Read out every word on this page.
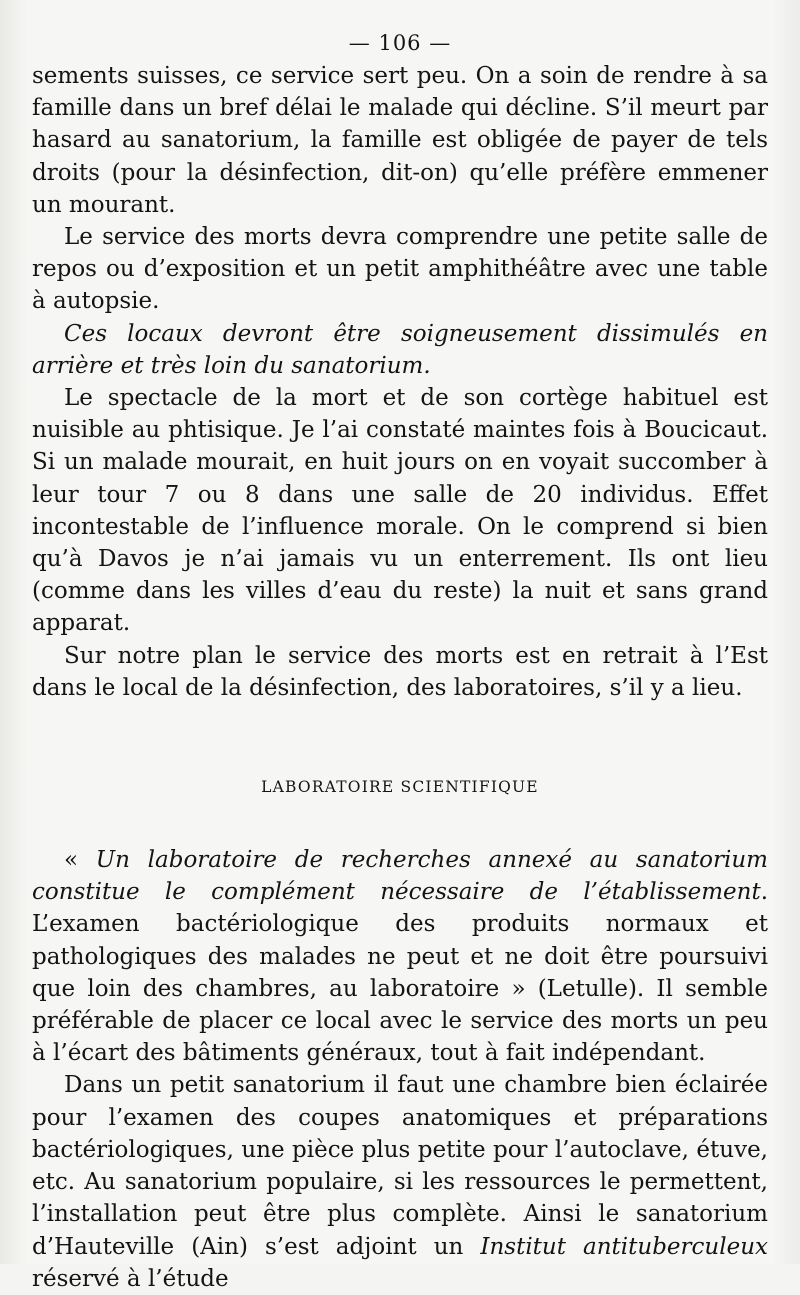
— 106 —

sements suisses, ce service sert peu. On a soin de rendre à sa famille dans un bref délai le malade qui décline. S’il meurt par hasard au sanatorium, la famille est obligée de payer de tels droits (pour la désinfection, dit-on) qu’elle préfère emmener un mourant.

Le service des morts devra comprendre une petite salle de repos ou d’exposition et un petit amphithéâtre avec une table à autopsie.

Ces locaux devront être soigneusement dissimulés en arrière et très loin du sanatorium.

Le spectacle de la mort et de son cortège habituel est nuisible au phtisique. Je l’ai constaté maintes fois à Boucicaut. Si un malade mourait, en huit jours on en voyait succomber à leur tour 7 ou 8 dans une salle de 20 individus. Effet incontestable de l’influence morale. On le comprend si bien qu’à Davos je n’ai jamais vu un enterrement. Ils ont lieu (comme dans les villes d’eau du reste) la nuit et sans grand apparat.

Sur notre plan le service des morts est en retrait à l’Est dans le local de la désinfection, des laboratoires, s’il y a lieu.

LABORATOIRE SCIENTIFIQUE

« Un laboratoire de recherches annexé au sanatorium constitue le complément nécessaire de l’établissement. L’examen bactériologique des produits normaux et pathologiques des malades ne peut et ne doit être poursuivi que loin des chambres, au laboratoire » (Letulle). Il semble préférable de placer ce local avec le service des morts un peu à l’écart des bâtiments généraux, tout à fait indépendant.

Dans un petit sanatorium il faut une chambre bien éclairée pour l’examen des coupes anatomiques et préparations bactériologiques, une pièce plus petite pour l’autoclave, étuve, etc. Au sanatorium populaire, si les ressources le permettent, l’installation peut être plus complète. Ainsi le sanatorium d’Hauteville (Ain) s’est adjoint un Institut antituberculeux réservé à l’étude
